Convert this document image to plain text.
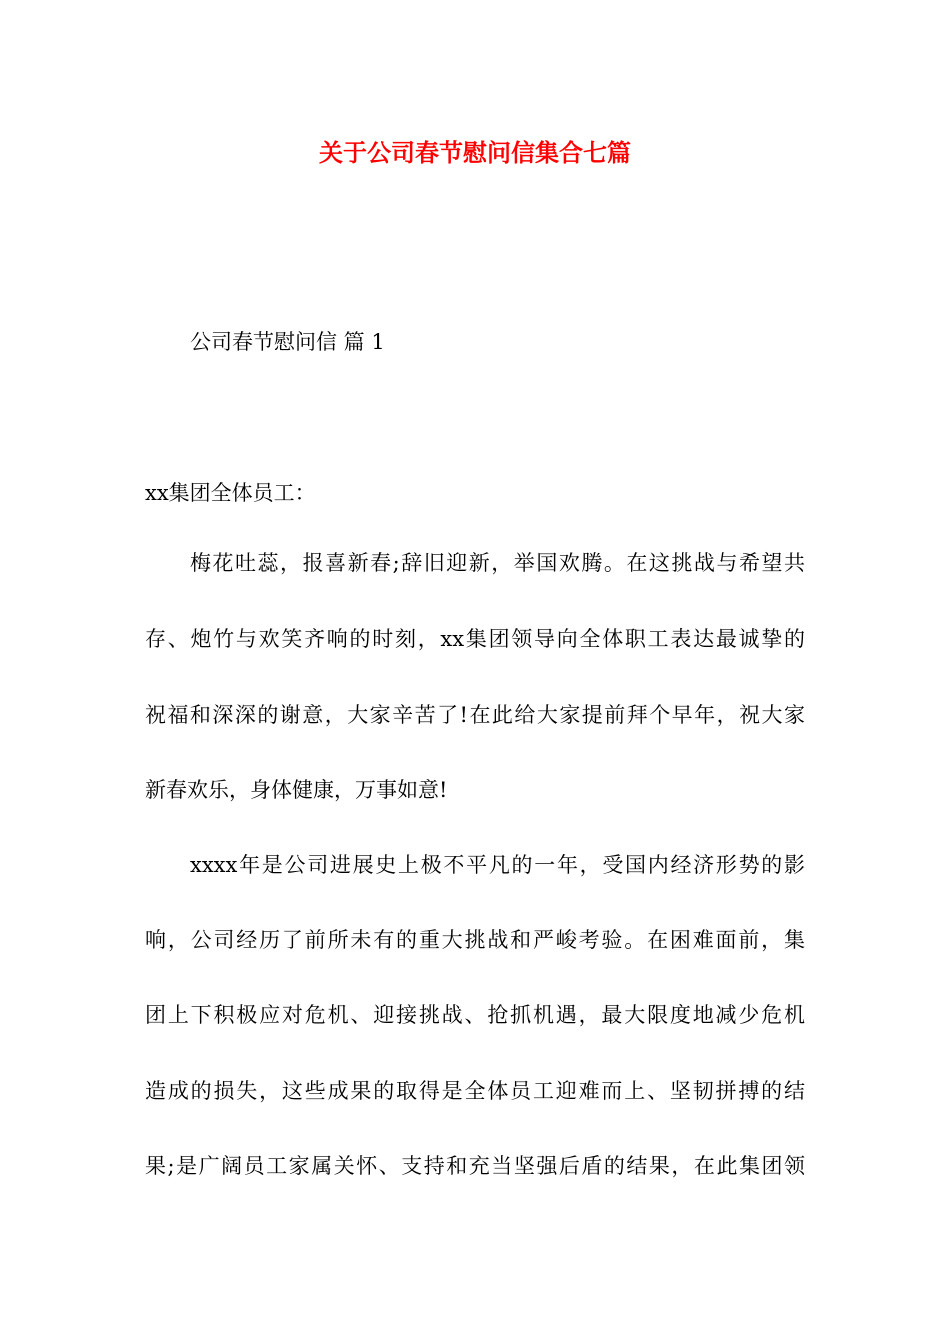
关于公司春节慰问信集合七篇
公司春节慰问信 篇 1
xx集团全体员工：
梅花吐蕊，报喜新春;辞旧迎新，举国欢腾。在这挑战与希望共
存、炮竹与欢笑齐响的时刻，xx集团领导向全体职工表达最诚挚的
祝福和深深的谢意，大家辛苦了!在此给大家提前拜个早年，祝大家
新春欢乐，身体健康，万事如意!
xxxx年是公司进展史上极不平凡的一年，受国内经济形势的影
响，公司经历了前所未有的重大挑战和严峻考验。在困难面前，集
团上下积极应对危机、迎接挑战、抢抓机遇，最大限度地减少危机
造成的损失，这些成果的取得是全体员工迎难而上、坚韧拼搏的结
果;是广阔员工家属关怀、支持和充当坚强后盾的结果，在此集团领
